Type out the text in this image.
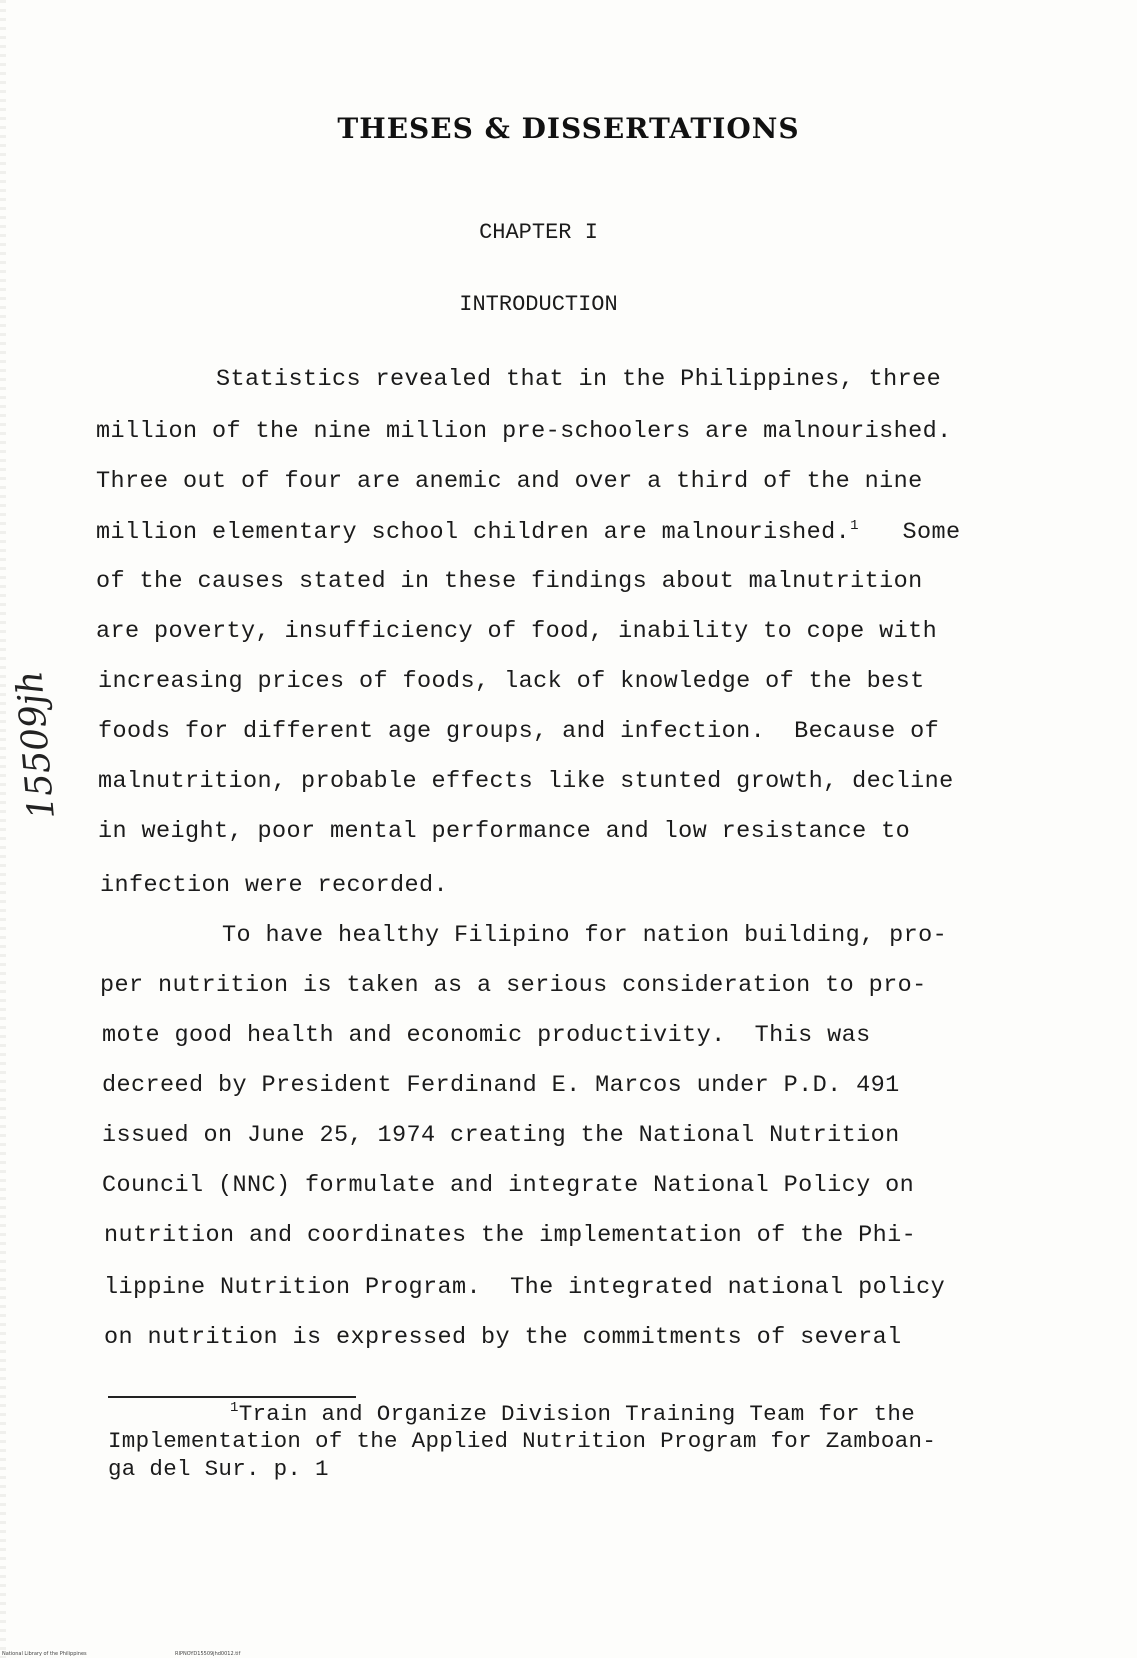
THESES & DISSERTATIONS
CHAPTER I
INTRODUCTION
15509jh
Statistics revealed that in the Philippines, three
million of the nine million pre-schoolers are malnourished.
Three out of four are anemic and over a third of the nine
million elementary school children are malnourished.$^1$ Some
of the causes stated in these findings about malnutrition
are poverty, insufficiency of food, inability to cope with
increasing prices of foods, lack of knowledge of the best
foods for different age groups, and infection.  Because of
malnutrition, probable effects like stunted growth, decline
in weight, poor mental performance and low resistance to
infection were recorded.
To have healthy Filipino for nation building, pro-
per nutrition is taken as a serious consideration to pro-
mote good health and economic productivity.  This was
decreed by President Ferdinand E. Marcos under P.D. 491
issued on June 25, 1974 creating the National Nutrition
Council (NNC) formulate and integrate National Policy on
nutrition and coordinates the implementation of the Phi-
lippine Nutrition Program.  The integrated national policy
on nutrition is expressed by the commitments of several
$^1$Train and Organize Division Training Team for the
Implementation of the Applied Nutrition Program for Zamboan-
ga del Sur. p. 1
National Library of the Philippines	RIPNOYD15509jhd0012.tif
